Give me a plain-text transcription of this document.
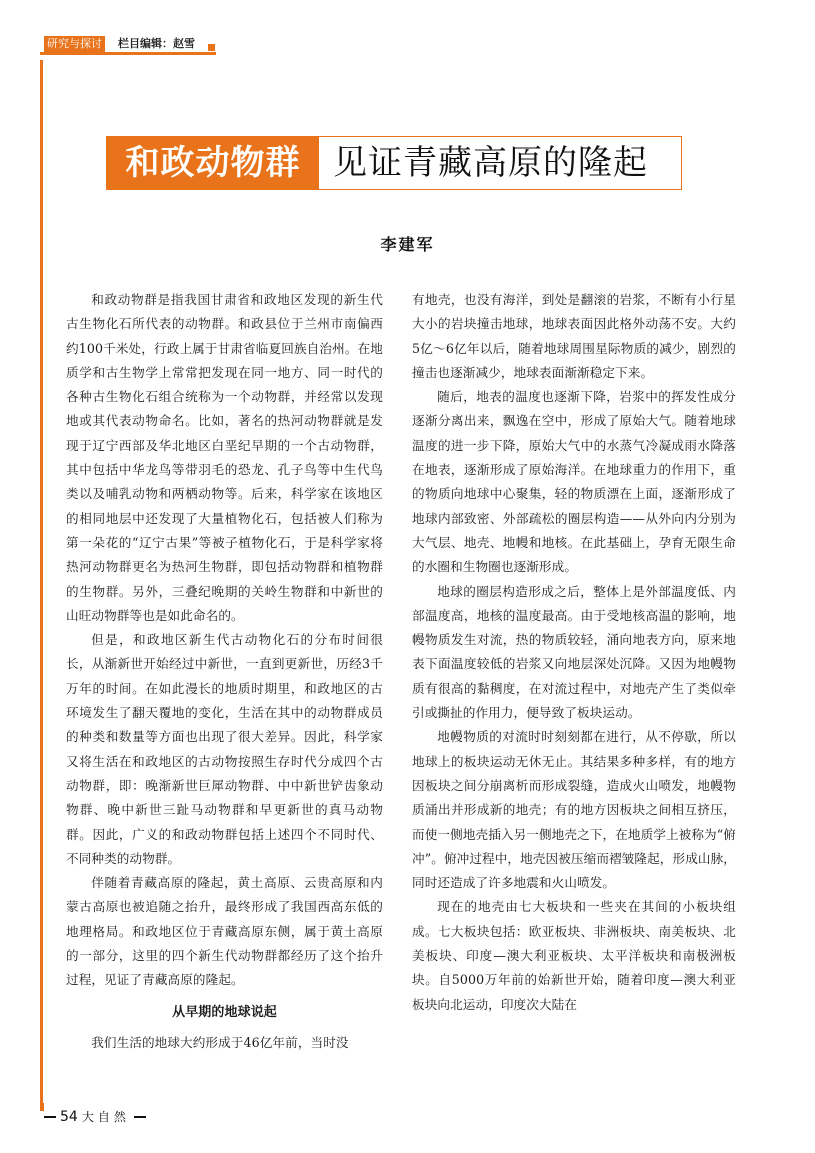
研究与探讨 栏目编辑：赵雪
和政动物群 见证青藏高原的隆起
李建军

和政动物群是指我国甘肃省和政地区发现的新生代古生物化石所代表的动物群。和政县位于兰州市南偏西约100千米处，行政上属于甘肃省临夏回族自治州。在地质学和古生物学上常常把发现在同一地方、同一时代的各种古生物化石组合统称为一个动物群，并经常以发现地或其代表动物命名。比如，著名的热河动物群就是发现于辽宁西部及华北地区白垩纪早期的一个古动物群，其中包括中华龙鸟等带羽毛的恐龙、孔子鸟等中生代鸟类以及哺乳动物和两栖动物等。后来，科学家在该地区的相同地层中还发现了大量植物化石，包括被人们称为第一朵花的“辽宁古果”等被子植物化石，于是科学家将热河动物群更名为热河生物群，即包括动物群和植物群的生物群。另外，三叠纪晚期的关岭生物群和中新世的山旺动物群等也是如此命名的。

但是，和政地区新生代古动物化石的分布时间很长，从渐新世开始经过中新世，一直到更新世，历经3千万年的时间。在如此漫长的地质时期里，和政地区的古环境发生了翻天覆地的变化，生活在其中的动物群成员的种类和数量等方面也出现了很大差异。因此，科学家又将生活在和政地区的古动物按照生存时代分成四个古动物群，即：晚渐新世巨犀动物群、中中新世铲齿象动物群、晚中新世三趾马动物群和早更新世的真马动物群。因此，广义的和政动物群包括上述四个不同时代、不同种类的动物群。

伴随着青藏高原的隆起，黄土高原、云贵高原和内蒙古高原也被追随之抬升，最终形成了我国西高东低的地理格局。和政地区位于青藏高原东侧，属于黄土高原的一部分，这里的四个新生代动物群都经历了这个抬升过程，见证了青藏高原的隆起。

从早期的地球说起

我们生活的地球大约形成于46亿年前，当时没

有地壳，也没有海洋，到处是翻滚的岩浆，不断有小行星大小的岩块撞击地球，地球表面因此格外动荡不安。大约5亿～6亿年以后，随着地球周围星际物质的减少，剧烈的撞击也逐渐减少，地球表面渐渐稳定下来。

随后，地表的温度也逐渐下降，岩浆中的挥发性成分逐渐分离出来，飘逸在空中，形成了原始大气。随着地球温度的进一步下降，原始大气中的水蒸气冷凝成雨水降落在地表，逐渐形成了原始海洋。在地球重力的作用下，重的物质向地球中心聚集，轻的物质漂在上面，逐渐形成了地球内部致密、外部疏松的圈层构造——从外向内分别为大气层、地壳、地幔和地核。在此基础上，孕育无限生命的水圈和生物圈也逐渐形成。

地球的圈层构造形成之后，整体上是外部温度低、内部温度高，地核的温度最高。由于受地核高温的影响，地幔物质发生对流，热的物质较轻，涌向地表方向，原来地表下面温度较低的岩浆又向地层深处沉降。又因为地幔物质有很高的黏稠度，在对流过程中，对地壳产生了类似牵引或撕扯的作用力，便导致了板块运动。

地幔物质的对流时时刻刻都在进行，从不停歇，所以地球上的板块运动无休无止。其结果多种多样，有的地方因板块之间分崩离析而形成裂缝，造成火山喷发，地幔物质涌出并形成新的地壳；有的地方因板块之间相互挤压，而使一侧地壳插入另一侧地壳之下，在地质学上被称为“俯冲”。俯冲过程中，地壳因被压缩而褶皱隆起，形成山脉，同时还造成了许多地震和火山喷发。

现在的地壳由七大板块和一些夹在其间的小板块组成。七大板块包括：欧亚板块、非洲板块、南美板块、北美板块、印度—澳大利亚板块、太平洋板块和南极洲板块。自5000万年前的始新世开始，随着印度—澳大利亚板块向北运动，印度次大陆在

54 大自然
